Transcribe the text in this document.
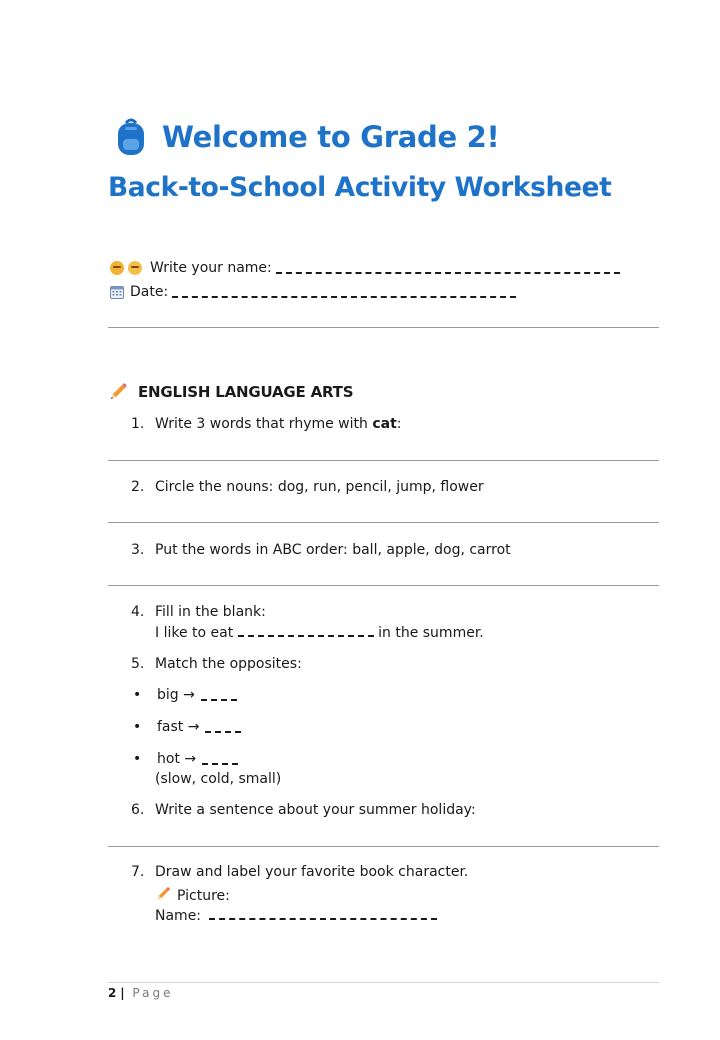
Welcome to Grade 2!
Back-to-School Activity Worksheet
Write your name:
Date:
ENGLISH LANGUAGE ARTS
1. Write 3 words that rhyme with cat:
2. Circle the nouns: dog, run, pencil, jump, flower
3. Put the words in ABC order: ball, apple, dog, carrot
4. Fill in the blank:
I like to eat	in the summer.
5. Match the opposites:
•	big →
•	fast →
•	hot →
(slow, cold, small)
6. Write a sentence about your summer holiday:
7. Draw and label your favorite book character.
Picture:
Name:
2 | Page
